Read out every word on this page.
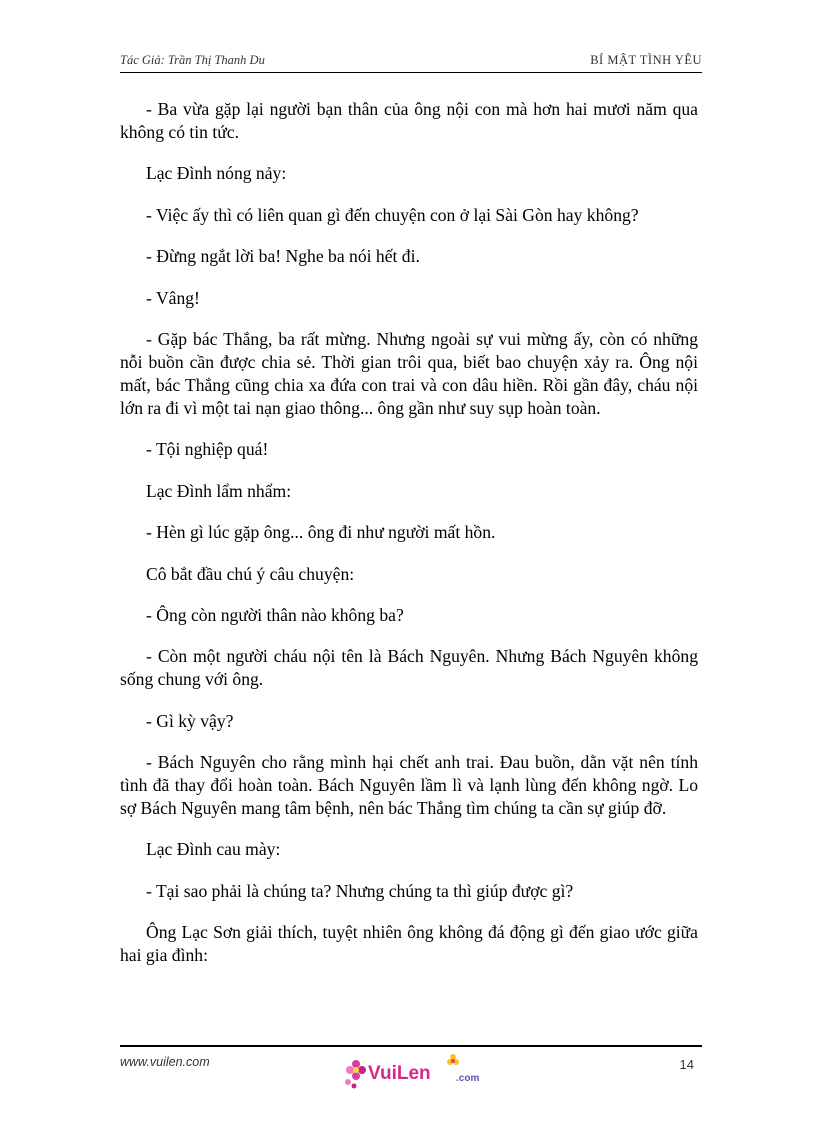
Tác Giả: Trần Thị Thanh Du	BÍ MẬT TÌNH YÊU

- Ba vừa gặp lại người bạn thân của ông nội con mà hơn hai mươi năm qua không có tin tức.

Lạc Đình nóng nảy:

- Việc ấy thì có liên quan gì đến chuyện con ở lại Sài Gòn hay không?

- Đừng ngắt lời ba! Nghe ba nói hết đi.

- Vâng!

- Gặp bác Thắng, ba rất mừng. Nhưng ngoài sự vui mừng ấy, còn có những nỗi buồn cần được chia sẻ. Thời gian trôi qua, biết bao chuyện xảy ra. Ông nội mất, bác Thắng cũng chia xa đứa con trai và con dâu hiền. Rồi gần đây, cháu nội lớn ra đi vì một tai nạn giao thông... ông gần như suy sụp hoàn toàn.

- Tội nghiệp quá!

Lạc Đình lẩm nhẩm:

- Hèn gì lúc gặp ông... ông đi như người mất hồn.

Cô bắt đầu chú ý câu chuyện:

- Ông còn người thân nào không ba?

- Còn một người cháu nội tên là Bách Nguyên. Nhưng Bách Nguyên không sống chung với ông.

- Gì kỳ vậy?

- Bách Nguyên cho rằng mình hại chết anh trai. Đau buồn, dằn vặt nên tính tình đã thay đổi hoàn toàn. Bách Nguyên lầm lì và lạnh lùng đến không ngờ. Lo sợ Bách Nguyên mang tâm bệnh, nên bác Thắng tìm chúng ta cần sự giúp đỡ.

Lạc Đình cau mày:

- Tại sao phải là chúng ta? Nhưng chúng ta thì giúp được gì?

Ông Lạc Sơn giải thích, tuyệt nhiên ông không đá động gì đến giao ước giữa hai gia đình:

www.vuilen.com
VuiLen	.com
14
